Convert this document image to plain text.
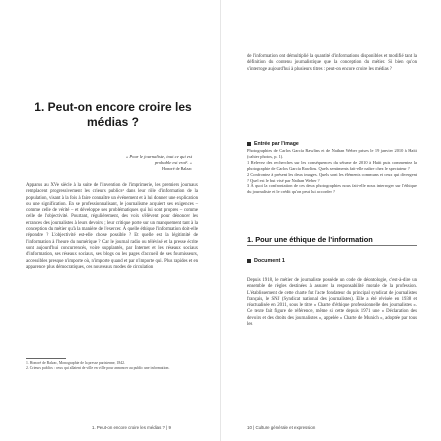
1. Peut-on encore croire les médias ?
« Pour le journaliste, tout ce qui est probable est vrai¹. »
Honoré de Balzac

Apparus au XVe siècle à la suite de l'invention de l'imprimerie, les premiers journaux remplacent progressivement les crieurs publics² dans leur rôle d'information de la population, visant à la fois à faire connaître un événement et à lui donner une explication ou une signification. En se professionnalisant, le journalisme acquiert ses exigences – comme celle de vérité – et développe ses problématiques qui lui sont propres – comme celle de l'objectivité. Pourtant, régulièrement, des voix s'élèvent pour dénoncer les errances des journalistes à leurs devoirs ; leur critique porte sur un manquement tant à la conception du métier qu'à la manière de l'exercer. À quelle éthique l'information doit-elle répondre ? L'objectivité est-elle chose possible ? Et quelle est la légitimité de l'information à l'heure du numérique ? Car le journal radio ou télévisé et la presse écrite sont aujourd'hui concurrencés, voire supplantés, par Internet et les réseaux sociaux d'information, ses réseaux sociaux, ses blogs ou les pages d'accueil de ses fournisseurs, accessibles presque n'importe où, n'importe quand et par n'importe qui. Plus rapides et en apparence plus démocratiques, ces nouveaux modes de circulation

1. Honoré de Balzac, Monographie de la presse parisienne, 1842.

2. Crieurs publics : ceux qui allaient de ville en ville pour annoncer au public une information.

1. Peut-on encore croire les médias ? | 9

de l'information ont démultiplié la quantité d'informations disponibles et modifié tant la définition du contenu journalistique que la conception du métier. Si bien qu'on s'interroge aujourd'hui à plusieurs titres : peut-on encore croire les médias ?

Entrée par l'image

Photographies de Carlos García Rawlins et de Nathan Weber prises le 19 janvier 2010 à Haïti (cahier photos, p. 1).

1 Relevez des recherches sur les conséquences du séisme de 2010 à Haïti puis commentez la photographie de Carlos García Rawlins. Quels sentiments fait-elle naître chez le spectateur ?

2 Confrontez à présent les deux images. Quels sont les éléments communs et ceux qui divergent ? Quel est le but visé par Nathan Weber ?

3 À quoi la confrontation de ces deux photographies nous fait-elle nous interroger sur l'éthique du journaliste et le crédit qu'on peut lui accorder ?

1. Pour une éthique de l'information
Document 1

Depuis 1918, le métier de journaliste possède un code de déontologie, c'est-à-dire un ensemble de règles destinées à assurer la responsabilité morale de la profession. L'établissement de cette charte fut l'acte fondateur du principal syndicat de journalistes français, le SNJ (Syndicat national des journalistes). Elle a été révisée en 1938 et réactualisée en 2011, sous le titre « Charte d'éthique professionnelle des journalistes ». Ce texte fait figure de référence, même si cette depuis 1971 une « Déclaration des devoirs et des droits des journalistes », appelée « Charte de Munich », adoptée par tous les

10 | Culture générale et expression
